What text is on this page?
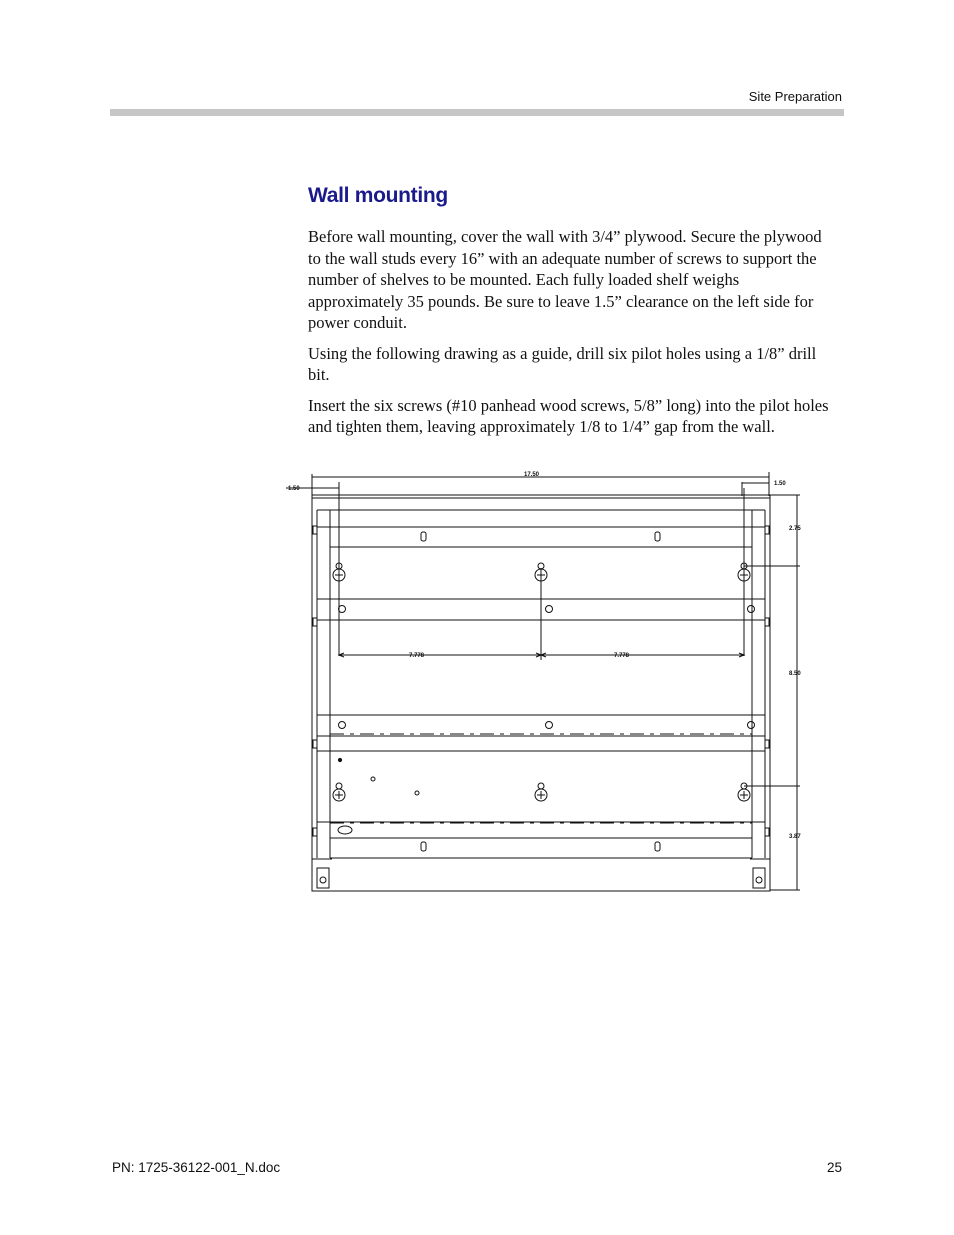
Site Preparation
Wall mounting

Before wall mounting, cover the wall with 3/4” plywood. Secure the plywood to the wall studs every 16” with an adequate number of screws to support the number of shelves to be mounted. Each fully loaded shelf weighs approximately 35 pounds. Be sure to leave 1.5” clearance on the left side for power conduit.

Using the following drawing as a guide, drill six pilot holes using a 1/8” drill bit.

Insert the six screws (#10 panhead wood screws, 5/8” long) into the pilot holes and tighten them, leaving approximately 1/8 to 1/4” gap from the wall.

1.50
17.50
1.50
2.75
8.50
3.87
7.778	7.778
PN: 1725-36122-001_N.doc	25
